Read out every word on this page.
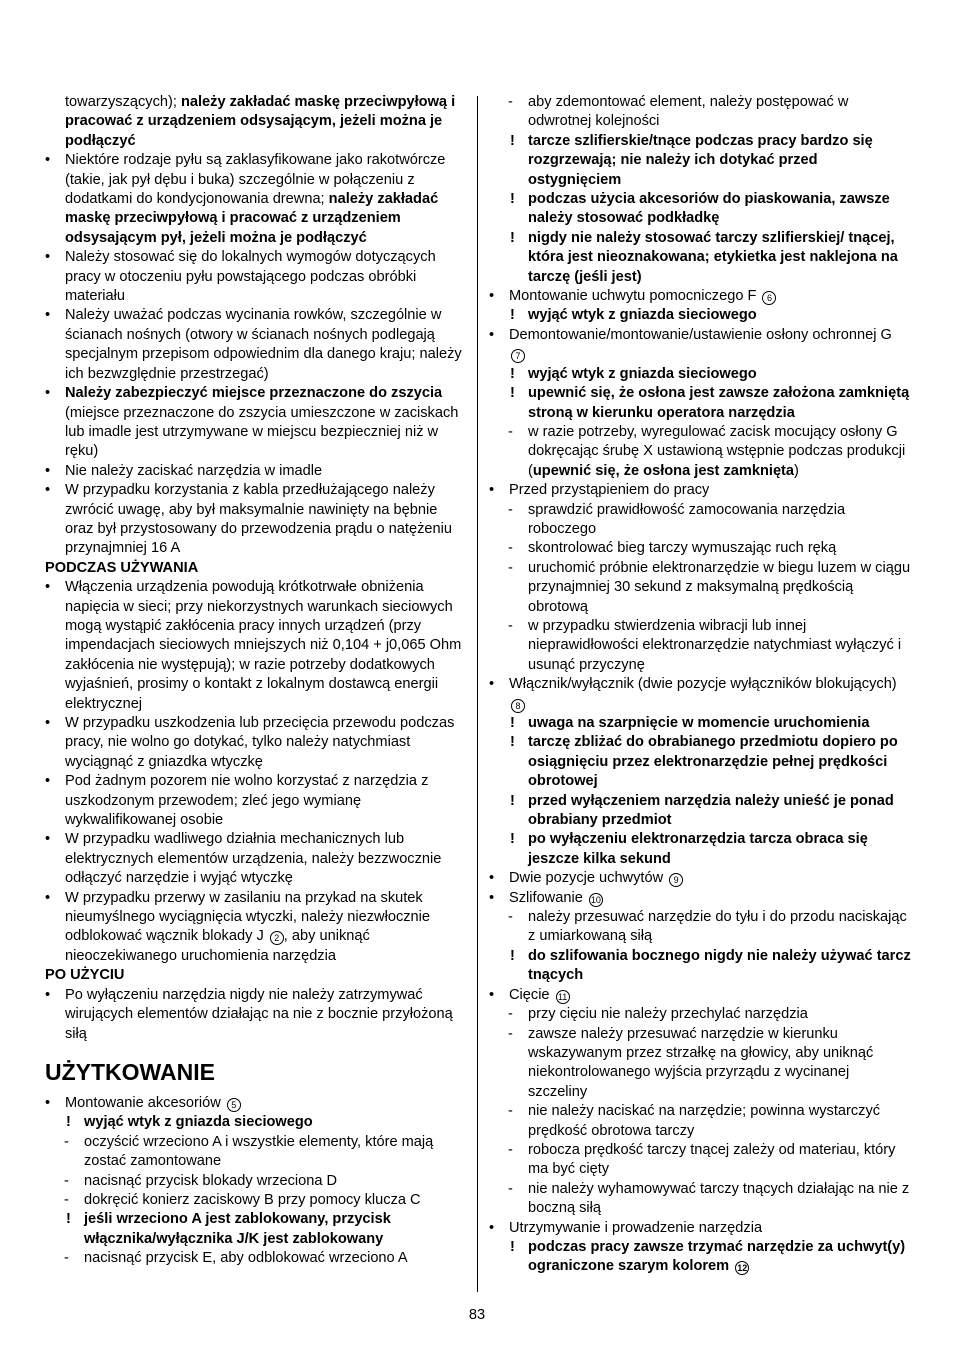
towarzyszących); należy zakładać maskę przeciwpyłową i pracować z urządzeniem odsysającym, jeżeli można je podłączyć
• Niektóre rodzaje pyłu są zaklasyfikowane jako rakotwórcze (takie, jak pył dębu i buka) szczególnie w połączeniu z dodatkami do kondycjonowania drewna; należy zakładać maskę przeciwpyłową i pracować z urządzeniem odsysającym pył, jeżeli można je podłączyć
• Należy stosować się do lokalnych wymogów dotyczących pracy w otoczeniu pyłu powstającego podczas obróbki materiału
• Należy uważać podczas wycinania rowków, szczególnie w ścianach nośnych (otwory w ścianach nośnych podlegają specjalnym przepisom odpowiednim dla danego kraju; należy ich bezwzględnie przestrzegać)
• Należy zabezpieczyć miejsce przeznaczone do zszycia (miejsce przeznaczone do zszycia umieszczone w zaciskach lub imadle jest utrzymywane w miejscu bezpieczniej niż w ręku)
• Nie należy zaciskać narzędzia w imadle
• W przypadku korzystania z kabla przedłużającego należy zwrócić uwagę, aby był maksymalnie nawinięty na bębnie oraz był przystosowany do przewodzenia prądu o natężeniu przynajmniej 16 A
PODCZAS UŻYWANIA
• Włączenia urządzenia powodują krótkotrwałe obniżenia napięcia w sieci; przy niekorzystnych warunkach sieciowych mogą wystąpić zakłócenia pracy innych urządzeń (przy impendacjach sieciowych mniejszych niż 0,104 + j0,065 Ohm zakłócenia nie występują); w razie potrzeby dodatkowych wyjaśnień, prosimy o kontakt z lokalnym dostawcą energii elektrycznej
• W przypadku uszkodzenia lub przecięcia przewodu podczas pracy, nie wolno go dotykać, tylko należy natychmiast wyciągnąć z gniazdka wtyczkę
• Pod żadnym pozorem nie wolno korzystać z narzędzia z uszkodzonym przewodem; zleć jego wymianę wykwalifikowanej osobie
• W przypadku wadliwego działnia mechanicznych lub elektrycznych elementów urządzenia, należy bezzwocznie odłączyć narzędzie i wyjąć wtyczkę
• W przypadku przerwy w zasilaniu na przykad na skutek nieumyślnego wyciągnięcia wtyczki, należy niezwłocznie odblokować wącznik blokady J 2 , aby uniknąć nieoczekiwanego uruchomienia narzędzia
PO UŻYCIU
• Po wyłączeniu narzędzia nigdy nie należy zatrzymywać wirujących elementów działając na nie z bocznie przyłożoną siłą
UŻYTKOWANIE
• Montowanie akcesoriów 5
! wyjąć wtyk z gniazda sieciowego
- oczyścić wrzeciono A i wszystkie elementy, które mają zostać zamontowane
- nacisnąć przycisk blokady wrzeciona D
- dokręcić konierz zaciskowy B przy pomocy klucza C
! jeśli wrzeciono A jest zablokowany, przycisk włącznika/wyłącznika J/K jest zablokowany
- nacisnąć przycisk E, aby odblokować wrzeciono A
- aby zdemontować element, należy postępować w odwrotnej kolejności
! tarcze szlifierskie/tnące podczas pracy bardzo się rozgrzewają; nie należy ich dotykać przed ostygnięciem
! podczas użycia akcesoriów do piaskowania, zawsze należy stosować podkładkę
! nigdy nie należy stosować tarczy szlifierskiej/ tnącej, która jest nieoznakowana; etykietka jest naklejona na tarczę (jeśli jest)
• Montowanie uchwytu pomocniczego F 6
! wyjąć wtyk z gniazda sieciowego
• Demontowanie/montowanie/ustawienie osłony ochronnej G 7
! wyjąć wtyk z gniazda sieciowego
! upewnić się, że osłona jest zawsze założona zamkniętą stroną w kierunku operatora narzędzia
- w razie potrzeby, wyregulować zacisk mocujący osłony G dokręcając śrubę X ustawioną wstępnie podczas produkcji (upewnić się, że osłona jest zamknięta)
• Przed przystąpieniem do pracy
- sprawdzić prawidłowość zamocowania narzędzia roboczego
- skontrolować bieg tarczy wymuszając ruch ręką
- uruchomić próbnie elektronarzędzie w biegu luzem w ciągu przynajmniej 30 sekund z maksymalną prędkością obrotową
- w przypadku stwierdzenia wibracji lub innej nieprawidłowości elektronarzędzie natychmiast wyłączyć i usunąć przyczynę
• Włącznik/wyłącznik (dwie pozycje wyłączników blokujących) 8
! uwaga na szarpnięcie w momencie uruchomienia
! tarczę zbliżać do obrabianego przedmiotu dopiero po osiągnięciu przez elektronarzędzie pełnej prędkości obrotowej
! przed wyłączeniem narzędzia należy unieść je ponad obrabiany przedmiot
! po wyłączeniu elektronarzędzia tarcza obraca się jeszcze kilka sekund
• Dwie pozycje uchwytów 9
• Szlifowanie 10
- należy przesuwać narzędzie do tyłu i do przodu naciskając z umiarkowaną siłą
! do szlifowania bocznego nigdy nie należy używać tarcz tnących
• Cięcie 11
- przy cięciu nie należy przechylać narzędzia
- zawsze należy przesuwać narzędzie w kierunku wskazywanym przez strzałkę na głowicy, aby uniknąć niekontrolowanego wyjścia przyrządu z wycinanej szczeliny
- nie należy naciskać na narzędzie; powinna wystarczyć prędkość obrotowa tarczy
- robocza prędkość tarczy tnącej zależy od materiau, który ma być cięty
- nie należy wyhamowywać tarczy tnących działając na nie z boczną siłą
• Utrzymywanie i prowadzenie narzędzia
! podczas pracy zawsze trzymać narzędzie za uchwyt(y) ograniczone szarym kolorem 12
83
